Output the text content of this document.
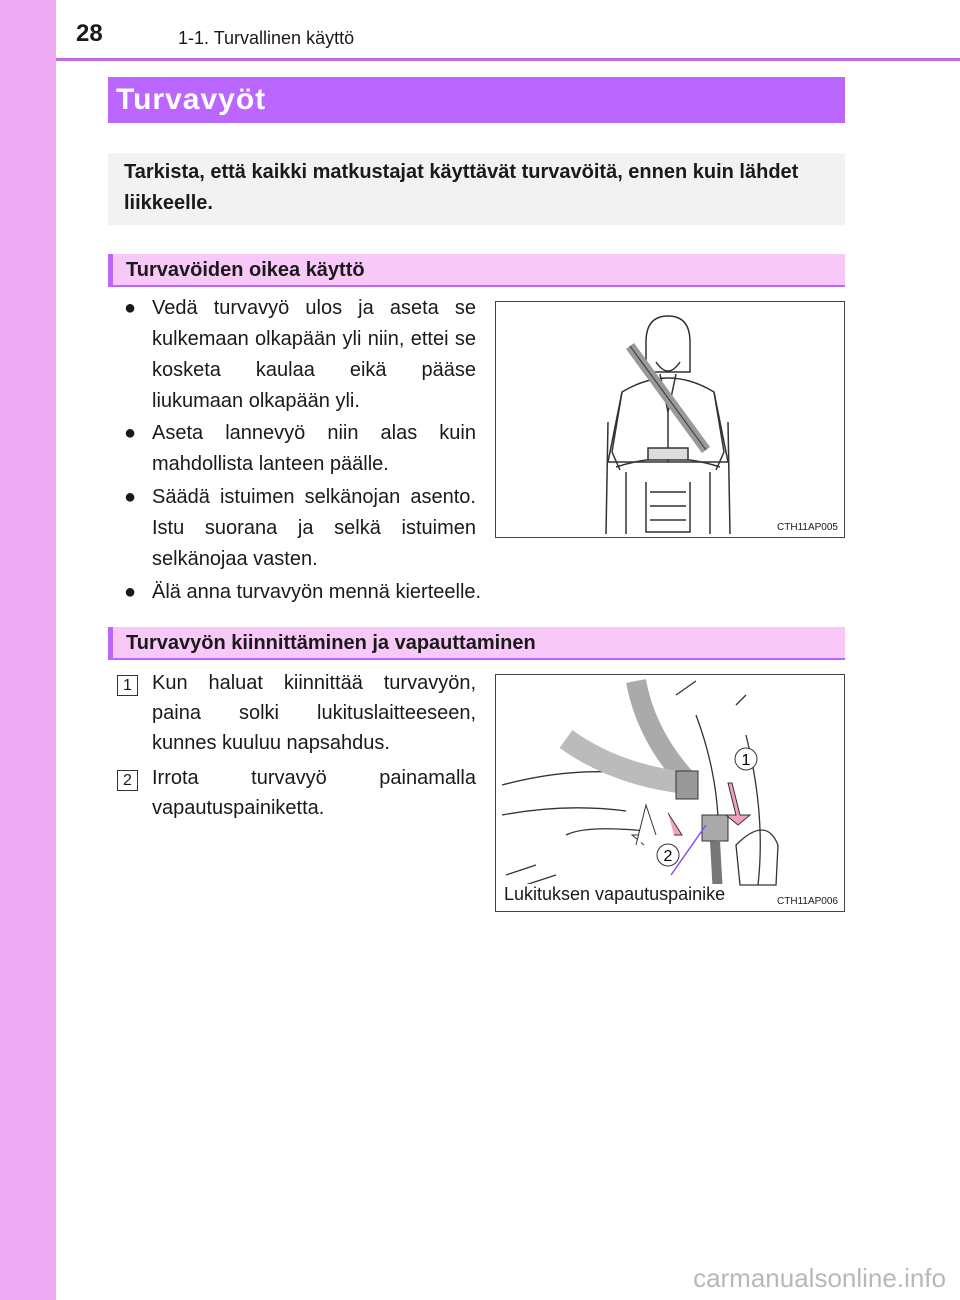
28	1-1. Turvallinen käyttö
Turvavyöt

Tarkista, että kaikki matkustajat käyttävät turvavöitä, ennen kuin lähdet liikkeelle.

Turvavöiden oikea käyttö
● Vedä turvavyö ulos ja aseta se kulkemaan olkapään yli niin, ettei se kosketa kaulaa eikä pääse liukumaan olkapään yli.
● Aseta lannevyö niin alas kuin mahdollista lanteen päälle.
● Säädä istuimen selkänojan asento. Istu suorana ja selkä istuimen selkänojaa vasten.
● Älä anna turvavyön mennä kierteelle.
CTH11AP005
Turvavyön kiinnittäminen ja vapauttaminen
1	Kun haluat kiinnittää turvavyön, paina solki lukituslaitteeseen, kunnes kuuluu napsahdus.
2	Irrota turvavyö painamalla vapautuspainiketta.
1
2
Lukituksen vapautuspainike	CTH11AP006
carmanualsonline.info
